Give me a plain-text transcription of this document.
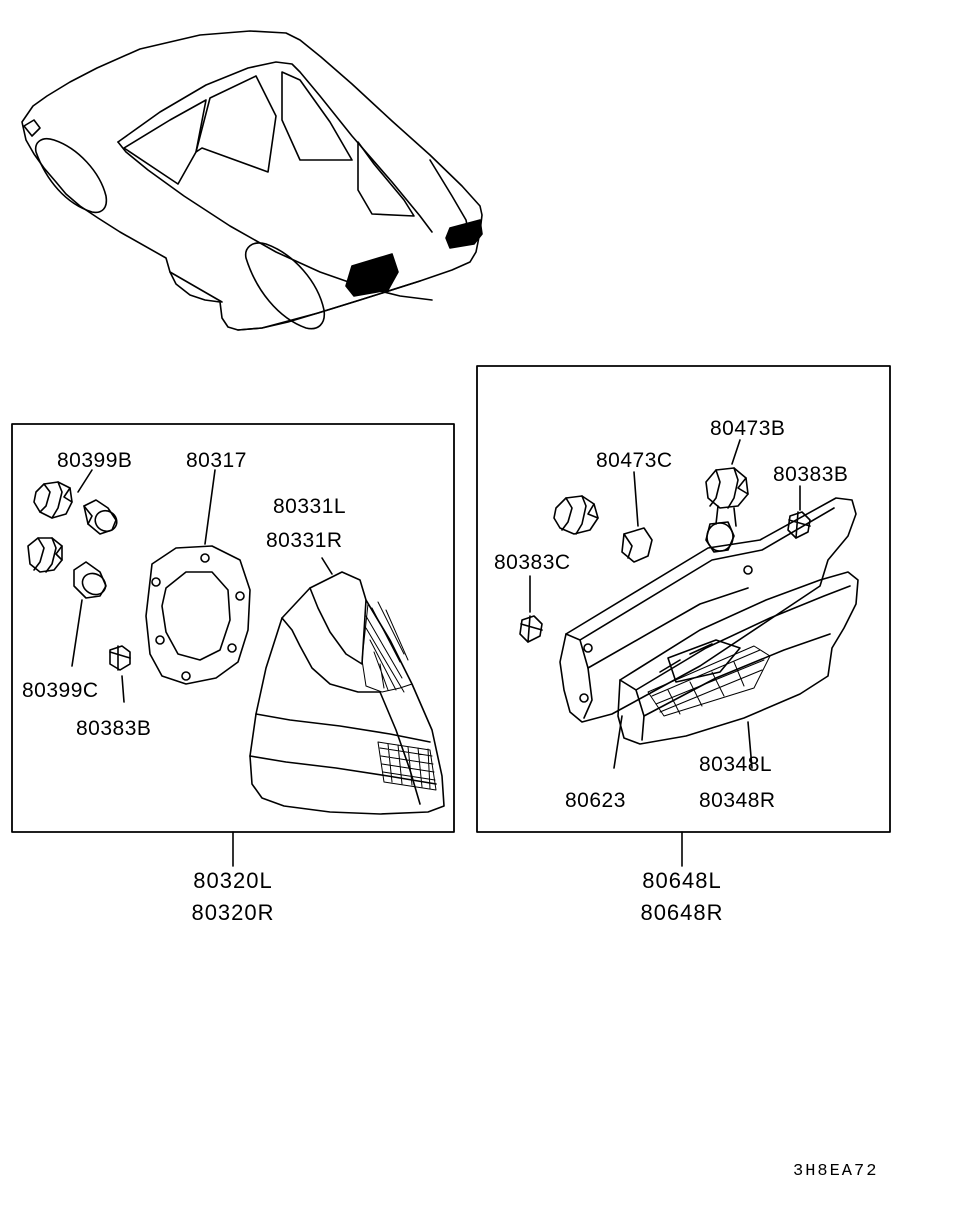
80399B	80317
80331L
80331R
80399C
80383B
80473B
80473C
80383B
80383C
80623
80348L
80348R
80320L
80320R
80648L
80648R
3H8EA72
